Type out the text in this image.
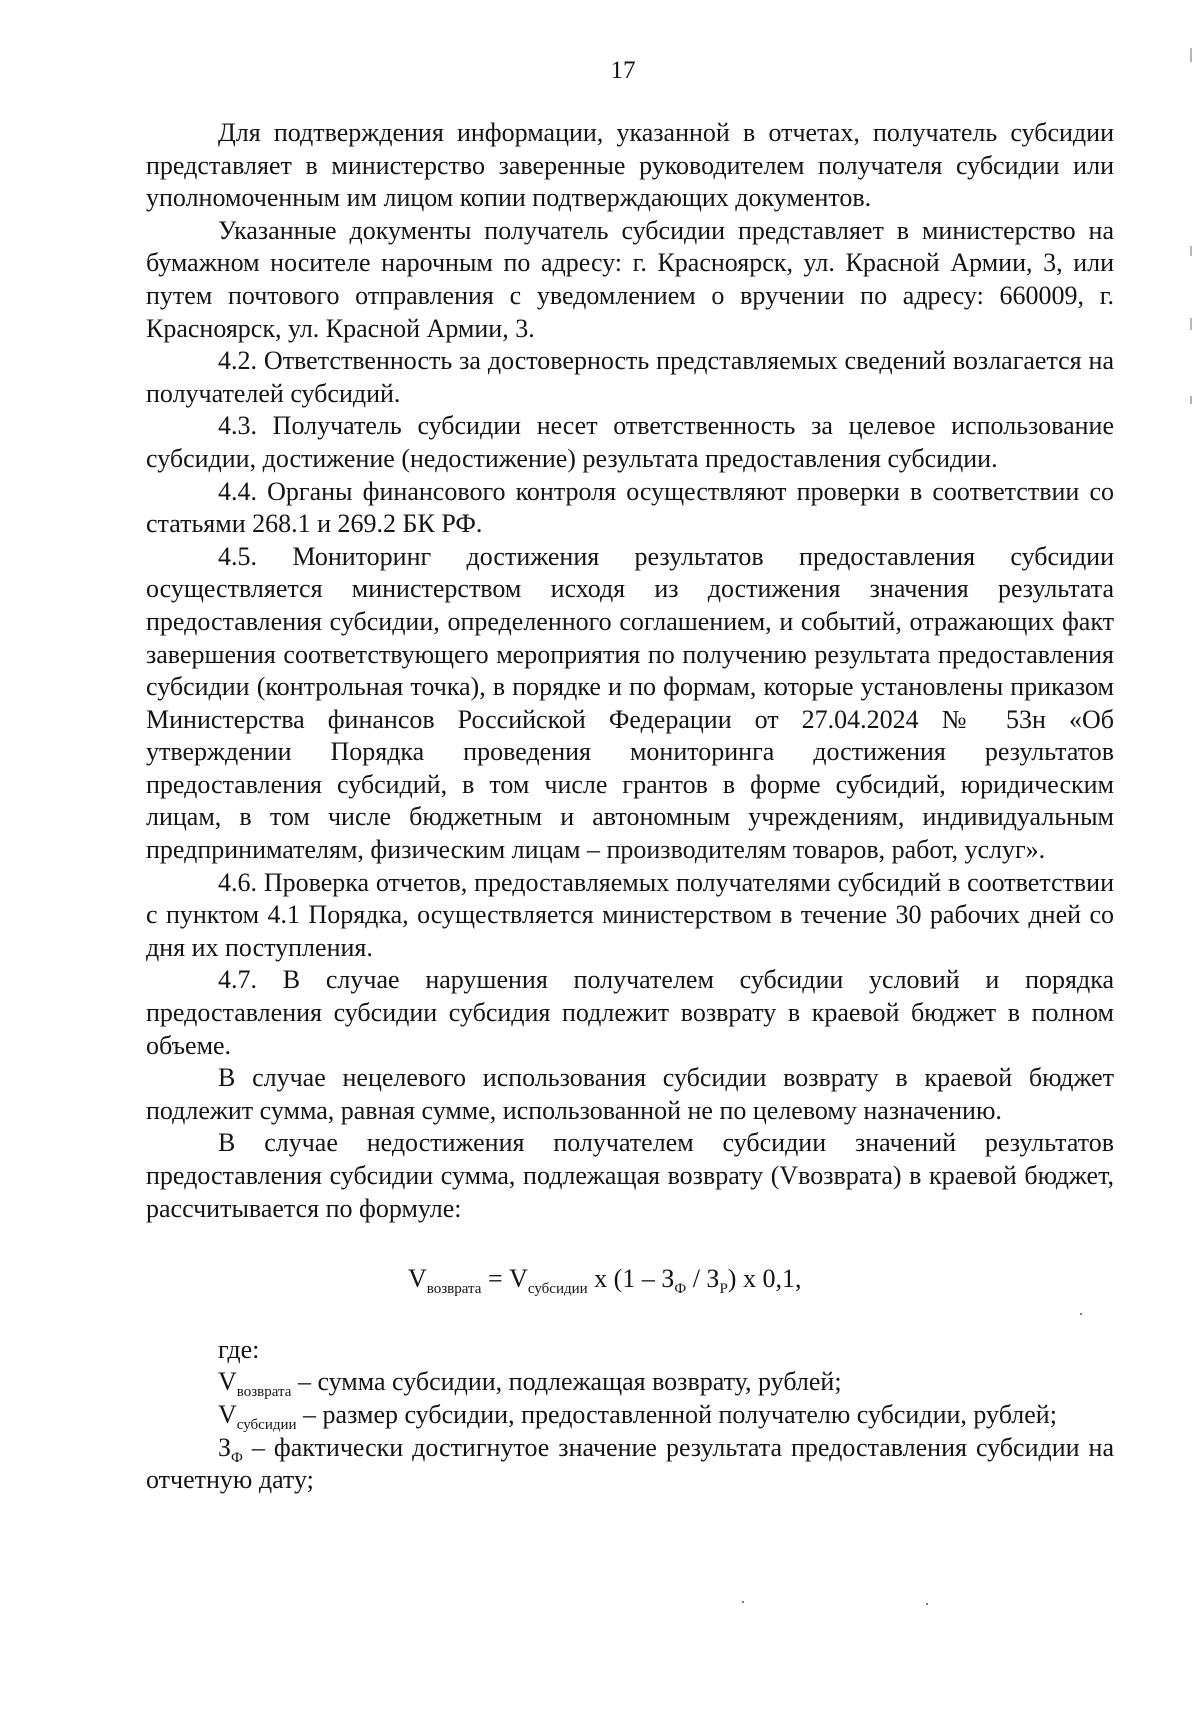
17

Для подтверждения информации, указанной в отчетах, получатель субсидии представляет в министерство заверенные руководителем получателя субсидии или уполномоченным им лицом копии подтверждающих документов.

Указанные документы получатель субсидии представляет в министерство на бумажном носителе нарочным по адресу: г. Красноярск, ул. Красной Армии, 3, или путем почтового отправления с уведомлением о вручении по адресу: 660009, г. Красноярск, ул. Красной Армии, 3.

4.2. Ответственность за достоверность представляемых сведений возлагается на получателей субсидий.

4.3. Получатель субсидии несет ответственность за целевое использование субсидии, достижение (недостижение) результата предоставления субсидии.

4.4. Органы финансового контроля осуществляют проверки в соответствии со статьями 268.1 и 269.2 БК РФ.

4.5. Мониторинг достижения результатов предоставления субсидии осуществляется министерством исходя из достижения значения результата предоставления субсидии, определенного соглашением, и событий, отражающих факт завершения соответствующего мероприятия по получению результата предоставления субсидии (контрольная точка), в порядке и по формам, которые установлены приказом Министерства финансов Российской Федерации от 27.04.2024 № 53н «Об утверждении Порядка проведения мониторинга достижения результатов предоставления субсидий, в том числе грантов в форме субсидий, юридическим лицам, в том числе бюджетным и автономным учреждениям, индивидуальным предпринимателям, физическим лицам – производителям товаров, работ, услуг».

4.6. Проверка отчетов, предоставляемых получателями субсидий в соответствии с пунктом 4.1 Порядка, осуществляется министерством в течение 30 рабочих дней со дня их поступления.

4.7. В случае нарушения получателем субсидии условий и порядка предоставления субсидии субсидия подлежит возврату в краевой бюджет в полном объеме.

В случае нецелевого использования субсидии возврату в краевой бюджет подлежит сумма, равная сумме, использованной не по целевому назначению.

В случае недостижения получателем субсидии значений результатов предоставления субсидии сумма, подлежащая возврату (Vвозврата) в краевой бюджет, рассчитывается по формуле:

$V_{возврата} = V_{субсидии}$ x $(1 - З_Ф / З_Р)$ x 0,1,

где:

$V_{возврата}$ – сумма субсидии, подлежащая возврату, рублей;

$V_{субсидии}$ – размер субсидии, предоставленной получателю субсидии, рублей;

$З_Ф$ – фактически достигнутое значение результата предоставления субсидии на отчетную дату;
